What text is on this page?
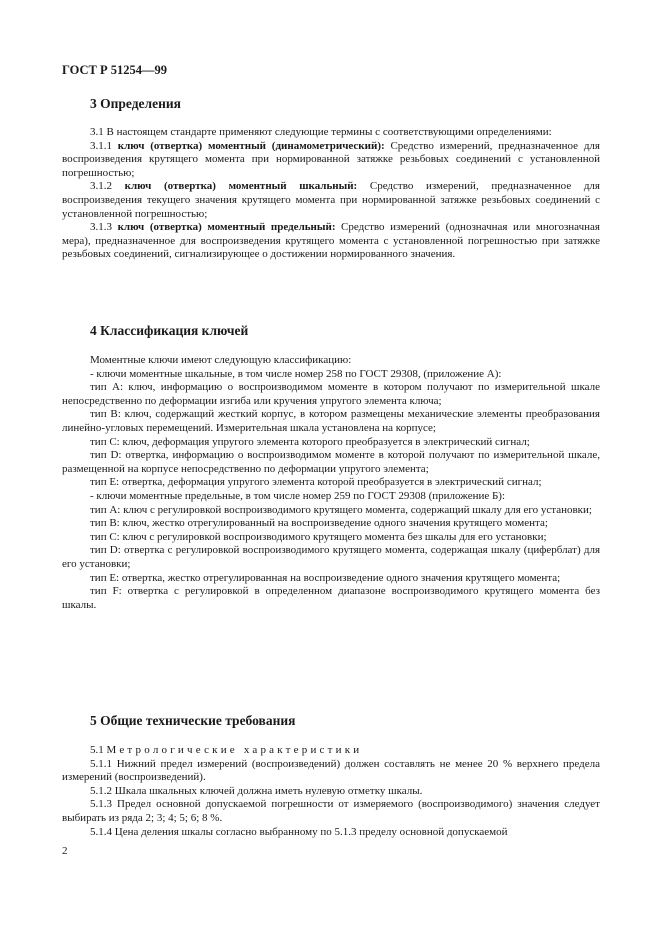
ГОСТ Р 51254—99
3 Определения

3.1 В настоящем стандарте применяют следующие термины с соответствующими определениями:

3.1.1 ключ (отвертка) моментный (динамометрический): Средство измерений, предназначенное для воспроизведения крутящего момента при нормированной затяжке резьбовых соединений с установленной погрешностью;

3.1.2 ключ (отвертка) моментный шкальный: Средство измерений, предназначенное для воспроизведения текущего значения крутящего момента при нормированной затяжке резьбовых соединений с установленной погрешностью;

3.1.3 ключ (отвертка) моментный предельный: Средство измерений (однозначная или многозначная мера), предназначенное для воспроизведения крутящего момента с установленной погрешностью при затяжке резьбовых соединений, сигнализирующее о достижении нормированного значения.

4 Классификация ключей

Моментные ключи имеют следующую классификацию:

- ключи моментные шкальные, в том числе номер 258 по ГОСТ 29308, (приложение А):

тип А: ключ, информацию о воспроизводимом моменте в котором получают по измерительной шкале непосредственно по деформации изгиба или кручения упругого элемента ключа;

тип В: ключ, содержащий жесткий корпус, в котором размещены механические элементы преобразования линейно-угловых перемещений. Измерительная шкала установлена на корпусе;

тип С: ключ, деформация упругого элемента которого преобразуется в электрический сигнал;

тип D: отвертка, информацию о воспроизводимом моменте в которой получают по измерительной шкале, размещенной на корпусе непосредственно по деформации упругого элемента;

тип Е: отвертка, деформация упругого элемента которой преобразуется в электрический сигнал;

- ключи моментные предельные, в том числе номер 259 по ГОСТ 29308 (приложение Б):

тип А: ключ с регулировкой воспроизводимого крутящего момента, содержащий шкалу для его установки;

тип В: ключ, жестко отрегулированный на воспроизведение одного значения крутящего момента;

тип С: ключ с регулировкой воспроизводимого крутящего момента без шкалы для его установки;

тип D: отвертка с регулировкой воспроизводимого крутящего момента, содержащая шкалу (циферблат) для его установки;

тип Е: отвертка, жестко отрегулированная на воспроизведение одного значения крутящего момента;

тип F: отвертка с регулировкой в определенном диапазоне воспроизводимого крутящего момента без шкалы.

5 Общие технические требования

5.1 Метрологические характеристики

5.1.1 Нижний предел измерений (воспроизведений) должен составлять не менее 20 % верхнего предела измерений (воспроизведений).

5.1.2 Шкала шкальных ключей должна иметь нулевую отметку шкалы.

5.1.3 Предел основной допускаемой погрешности от измеряемого (воспроизводимого) значения следует выбирать из ряда 2; 3; 4; 5; 6; 8 %.

5.1.4 Цена деления шкалы согласно выбранному по 5.1.3 пределу основной допускаемой

2
